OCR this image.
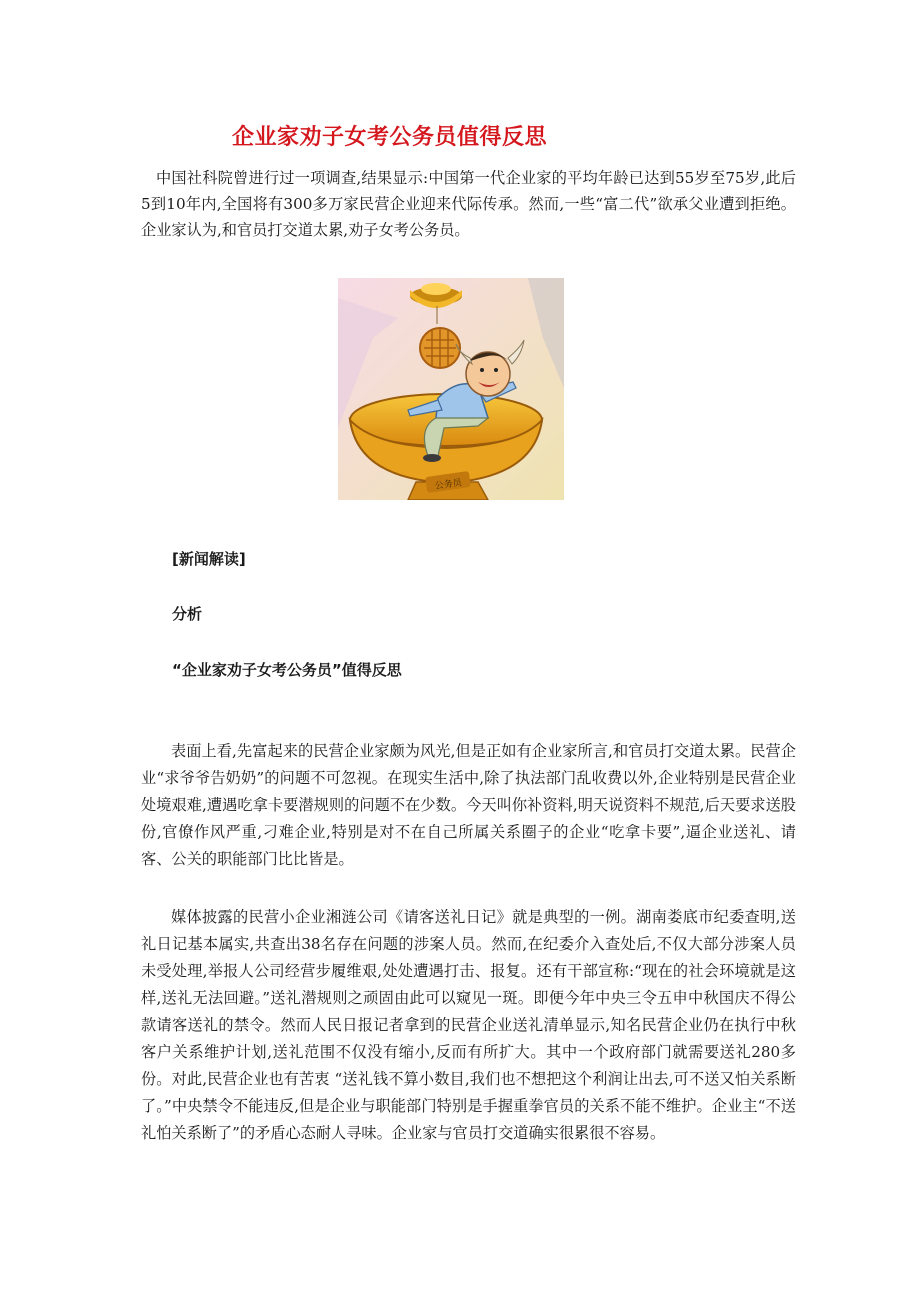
企业家劝子女考公务员值得反思

中国社科院曾进行过一项调查,结果显示:中国第一代企业家的平均年龄已达到55岁至75岁,此后5到10年内,全国将有300多万家民营企业迎来代际传承。然而,一些“富二代”欲承父业遭到拒绝。企业家认为,和官员打交道太累,劝子女考公务员。

公务员

[新闻解读]

分析

“企业家劝子女考公务员”值得反思

表面上看,先富起来的民营企业家颇为风光,但是正如有企业家所言,和官员打交道太累。民营企业“求爷爷告奶奶”的问题不可忽视。在现实生活中,除了执法部门乱收费以外,企业特别是民营企业处境艰难,遭遇吃拿卡要潜规则的问题不在少数。今天叫你补资料,明天说资料不规范,后天要求送股份,官僚作风严重,刁难企业,特别是对不在自己所属关系圈子的企业“吃拿卡要”,逼企业送礼、请客、公关的职能部门比比皆是。

媒体披露的民营小企业湘涟公司《请客送礼日记》就是典型的一例。湖南娄底市纪委查明,送礼日记基本属实,共查出38名存在问题的涉案人员。然而,在纪委介入查处后,不仅大部分涉案人员未受处理,举报人公司经营步履维艰,处处遭遇打击、报复。还有干部宣称:“现在的社会环境就是这样,送礼无法回避。”送礼潜规则之顽固由此可以窥见一斑。即便今年中央三令五申中秋国庆不得公款请客送礼的禁令。然而人民日报记者拿到的民营企业送礼清单显示,知名民营企业仍在执行中秋客户关系维护计划,送礼范围不仅没有缩小,反而有所扩大。其中一个政府部门就需要送礼280多份。对此,民营企业也有苦衷 “送礼钱不算小数目,我们也不想把这个利润让出去,可不送又怕关系断了。”中央禁令不能违反,但是企业与职能部门特别是手握重拳官员的关系不能不维护。企业主“不送礼怕关系断了”的矛盾心态耐人寻味。企业家与官员打交道确实很累很不容易。
